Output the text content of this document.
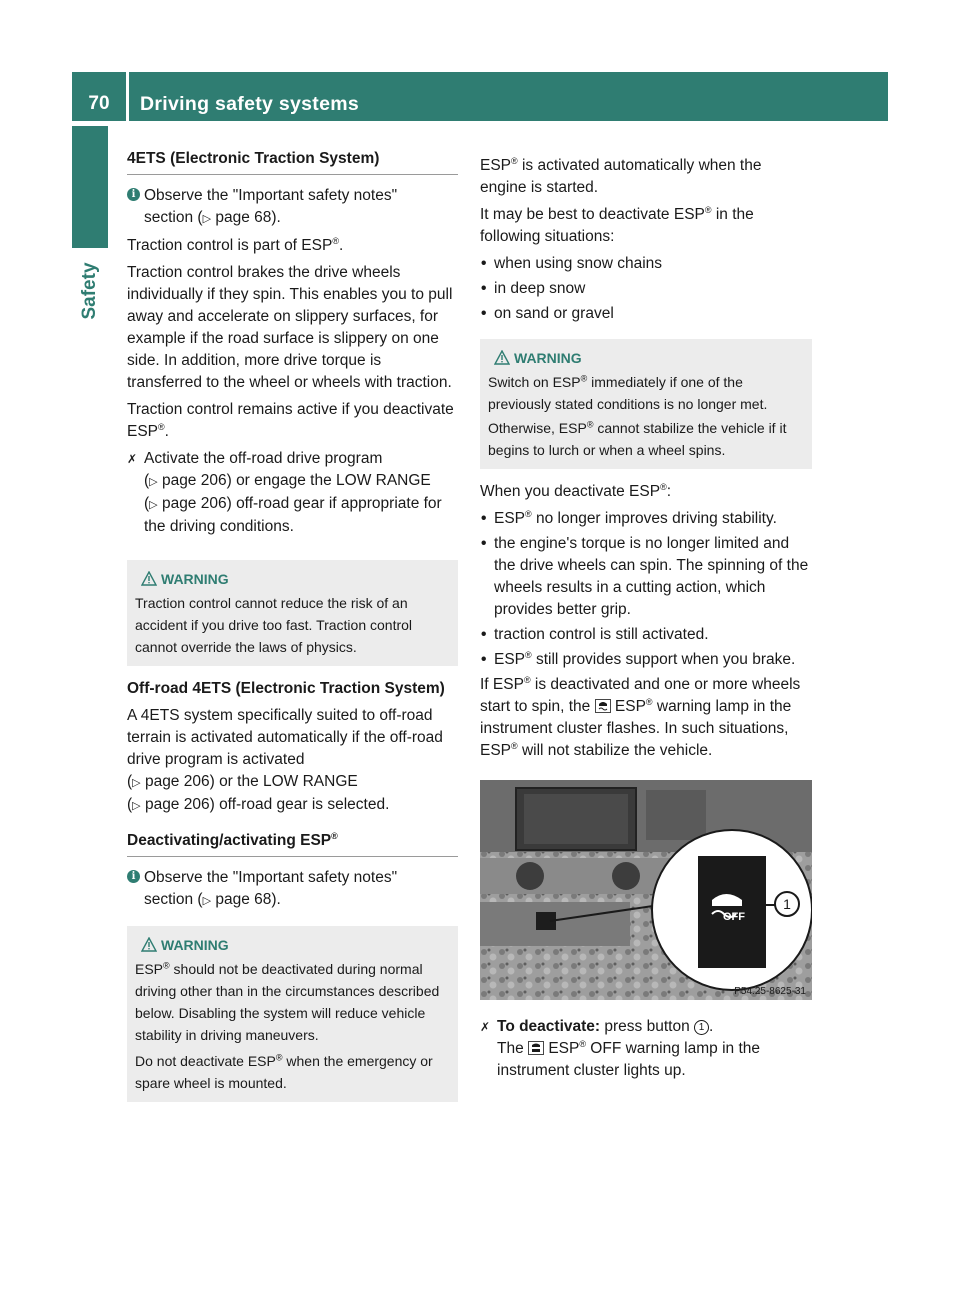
70	Driving safety systems
Safety
4ETS (Electronic Traction System)
i Observe the "Important safety notes"
section (▷ page 68).

Traction control is part of ESP®.

Traction control brakes the drive wheels individually if they spin. This enables you to pull away and accelerate on slippery surfaces, for example if the road surface is slippery on one side. In addition, more drive torque is transferred to the wheel or wheels with traction.

Traction control remains active if you deactivate ESP®.

✗ Activate the off-road drive program
(▷ page 206) or engage the LOW RANGE
(▷ page 206) off-road gear if appropriate for the driving conditions.
WARNING

Traction control cannot reduce the risk of an accident if you drive too fast. Traction control cannot override the laws of physics.

Off-road 4ETS (Electronic Traction System)

A 4ETS system specifically suited to off-road terrain is activated automatically if the off-road drive program is activated
(▷ page 206) or the LOW RANGE
(▷ page 206) off-road gear is selected.

Deactivating/activating ESP®
i Observe the "Important safety notes"
section (▷ page 68).
WARNING

ESP® should not be deactivated during normal driving other than in the circumstances described below. Disabling the system will reduce vehicle stability in driving maneuvers.

Do not deactivate ESP® when the emergency or spare wheel is mounted.

ESP® is activated automatically when the engine is started.

It may be best to deactivate ESP® in the following situations:

• when using snow chains
• in deep snow
• on sand or gravel
WARNING

Switch on ESP® immediately if one of the previously stated conditions is no longer met.

Otherwise, ESP® cannot stabilize the vehicle if it begins to lurch or when a wheel spins.

When you deactivate ESP®:

• ESP® no longer improves driving stability.
• the engine's torque is no longer limited and the drive wheels can spin. The spinning of the wheels results in a cutting action, which provides better grip.
• traction control is still activated.
• ESP® still provides support when you brake.

If ESP® is deactivated and one or more wheels start to spin, the  ESP® warning lamp in the instrument cluster flashes. In such situations, ESP® will not stabilize the vehicle.

OFF
1
P54.25-8625-31
✗ To deactivate: press button 1 .
The  ESP® OFF warning lamp in the instrument cluster lights up.
